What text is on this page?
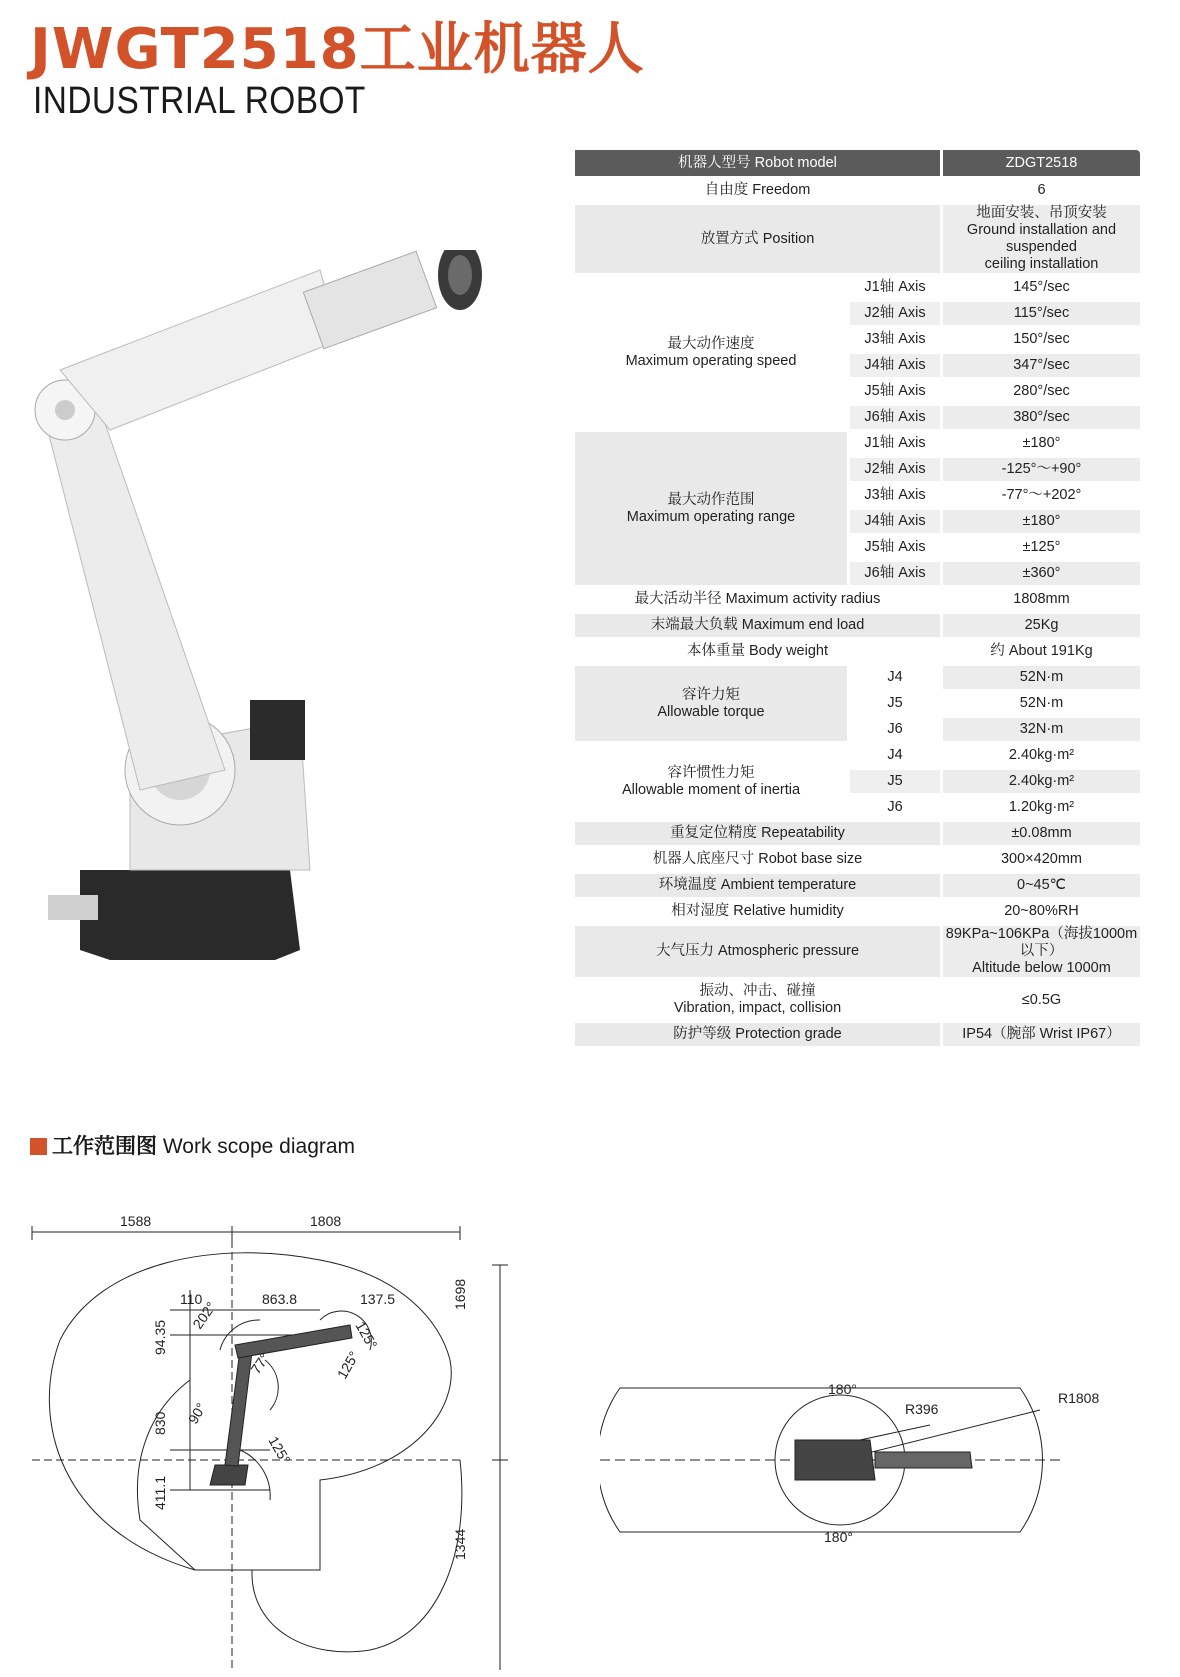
JWGT2518工业机器人
INDUSTRIAL ROBOT
机器人型号 Robot model		ZDGT2518
自由度 Freedom		6
放置方式 Position		地面安装、吊顶安装
Ground installation and suspended
ceiling installation

最大动作速度
Maximum operating speed	J1轴 Axis	145°/sec
	J2轴 Axis	115°/sec
	J3轴 Axis	150°/sec
	J4轴 Axis	347°/sec
	J5轴 Axis	280°/sec
	J6轴 Axis	380°/sec

最大动作范围
Maximum operating range	J1轴 Axis	±180°
	J2轴 Axis	-125°～+90°
	J3轴 Axis	-77°～+202°
	J4轴 Axis	±180°
	J5轴 Axis	±125°
	J6轴 Axis	±360°
最大活动半径 Maximum activity radius		1808mm
末端最大负载 Maximum end load		25Kg
本体重量 Body weight		约 About 191Kg

容许力矩
Allowable torque	J4	52N·m
	J5	52N·m
	J6	32N·m

容许惯性力矩
Allowable moment of inertia	J4	2.40kg·m²
	J5	2.40kg·m²
	J6	1.20kg·m²
重复定位精度 Repeatability		±0.08mm
机器人底座尺寸 Robot base size		300×420mm
环境温度 Ambient temperature		0~45℃
相对湿度 Relative humidity		20~80%RH
大气压力 Atmospheric pressure		89KPa~106KPa（海拔1000m以下）
Altitude below 1000m

振动、冲击、碰撞
Vibration, impact, collision		≤0.5G
防护等级 Protection grade		IP54（腕部 Wrist IP67）
工作范围图 Work scope diagram
1588	1808
110	863.8	137.5
94.35
830
411.1
1698
1344
202°
77°
125°
125°
90°
125°
180°
180°
R396
R1808
